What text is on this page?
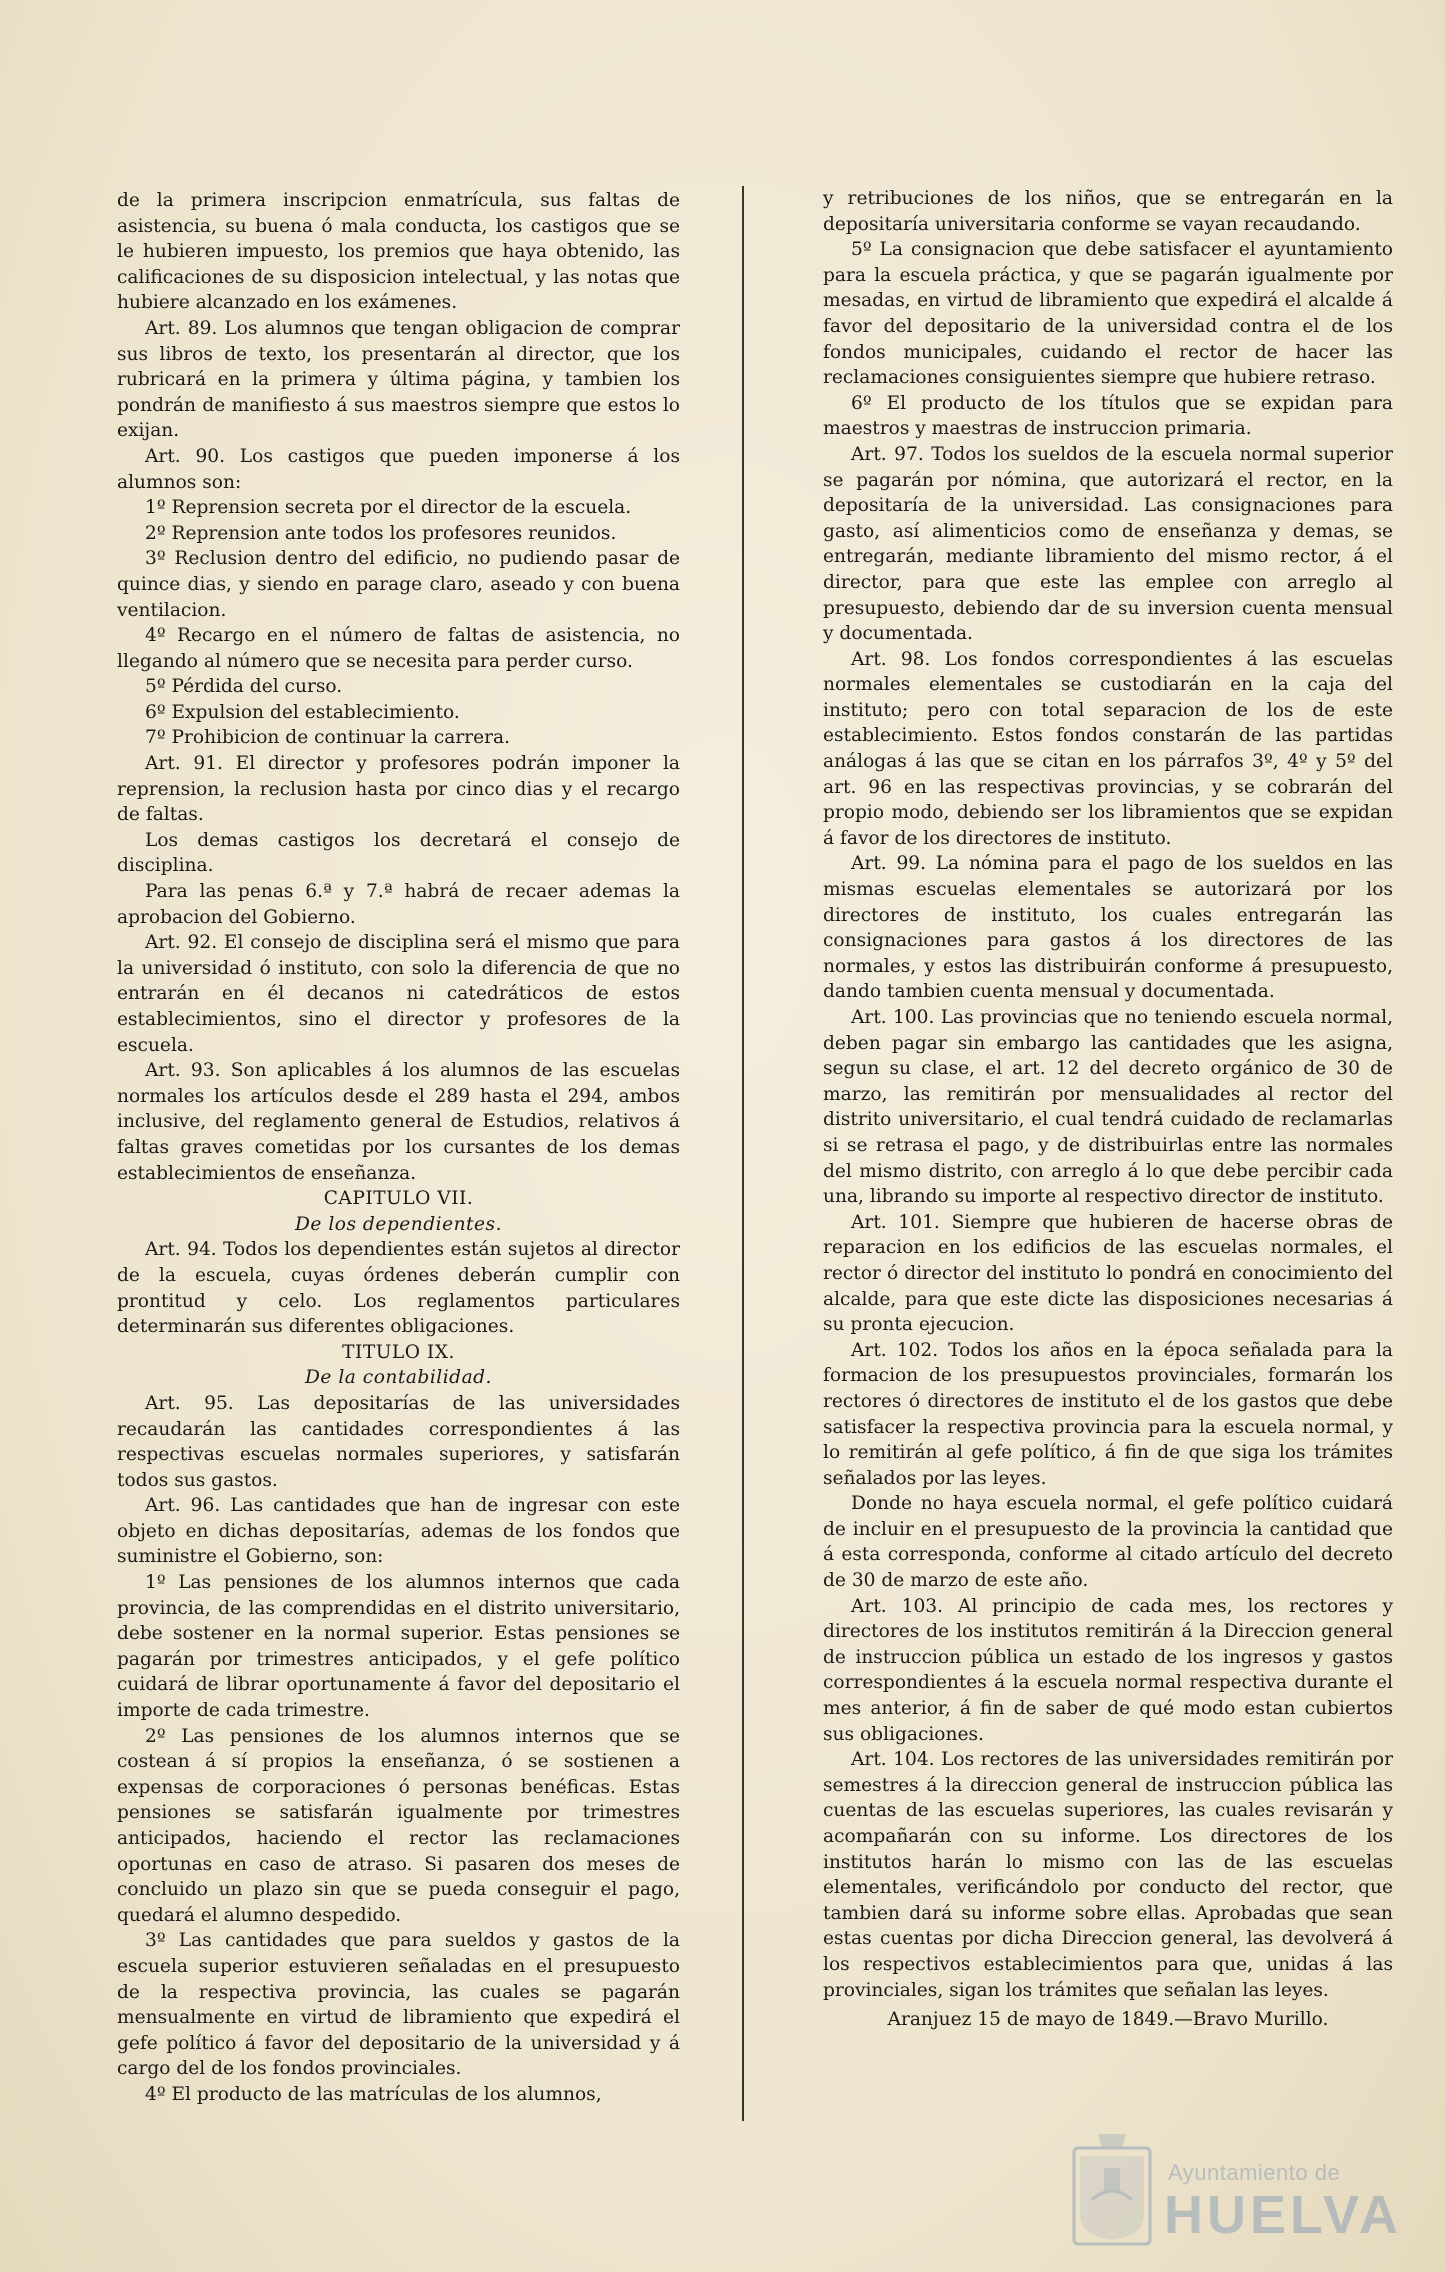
de la primera inscripcion enmatrícula, sus faltas de asistencia, su buena ó mala conducta, los castigos que se le hubieren impuesto, los premios que haya obtenido, las calificaciones de su disposicion intelectual, y las notas que hubiere alcanzado en los exámenes.

Art. 89. Los alumnos que tengan obligacion de comprar sus libros de texto, los presentarán al director, que los rubricará en la primera y última página, y tambien los pondrán de manifiesto á sus maestros siempre que estos lo exijan.

Art. 90. Los castigos que pueden imponerse á los alumnos son:

1º Reprension secreta por el director de la escuela.

2º Reprension ante todos los profesores reunidos.

3º Reclusion dentro del edificio, no pudiendo pasar de quince dias, y siendo en parage claro, aseado y con buena ventilacion.

4º Recargo en el número de faltas de asistencia, no llegando al número que se necesita para perder curso.

5º Pérdida del curso.

6º Expulsion del establecimiento.

7º Prohibicion de continuar la carrera.

Art. 91. El director y profesores podrán imponer la reprension, la reclusion hasta por cinco dias y el recargo de faltas.

Los demas castigos los decretará el consejo de disciplina.

Para las penas 6.ª y 7.ª habrá de recaer ademas la aprobacion del Gobierno.

Art. 92. El consejo de disciplina será el mismo que para la universidad ó instituto, con solo la diferencia de que no entrarán en él decanos ni catedráticos de estos establecimientos, sino el director y profesores de la escuela.

Art. 93. Son aplicables á los alumnos de las escuelas normales los artículos desde el 289 hasta el 294, ambos inclusive, del reglamento general de Estudios, relativos á faltas graves cometidas por los cursantes de los demas establecimientos de enseñanza.

CAPITULO VII.

De los dependientes.

Art. 94. Todos los dependientes están sujetos al director de la escuela, cuyas órdenes deberán cumplir con prontitud y celo. Los reglamentos particulares determinarán sus diferentes obligaciones.

TITULO IX.

De la contabilidad.

Art. 95. Las depositarías de las universidades recaudarán las cantidades correspondientes á las respectivas escuelas normales superiores, y satisfarán todos sus gastos.

Art. 96. Las cantidades que han de ingresar con este objeto en dichas depositarías, ademas de los fondos que suministre el Gobierno, son:

1º Las pensiones de los alumnos internos que cada provincia, de las comprendidas en el distrito universitario, debe sostener en la normal superior. Estas pensiones se pagarán por trimestres anticipados, y el gefe político cuidará de librar oportunamente á favor del depositario el importe de cada trimestre.

2º Las pensiones de los alumnos internos que se costean á sí propios la enseñanza, ó se sostienen a expensas de corporaciones ó personas benéficas. Estas pensiones se satisfarán igualmente por trimestres anticipados, haciendo el rector las reclamaciones oportunas en caso de atraso. Si pasaren dos meses de concluido un plazo sin que se pueda conseguir el pago, quedará el alumno despedido.

3º Las cantidades que para sueldos y gastos de la escuela superior estuvieren señaladas en el presupuesto de la respectiva provincia, las cuales se pagarán mensualmente en virtud de libramiento que expedirá el gefe político á favor del depositario de la universidad y á cargo del de los fondos provinciales.

4º El producto de las matrículas de los alumnos,

y retribuciones de los niños, que se entregarán en la depositaría universitaria conforme se vayan recaudando.

5º La consignacion que debe satisfacer el ayuntamiento para la escuela práctica, y que se pagarán igualmente por mesadas, en virtud de libramiento que expedirá el alcalde á favor del depositario de la universidad contra el de los fondos municipales, cuidando el rector de hacer las reclamaciones consiguientes siempre que hubiere retraso.

6º El producto de los títulos que se expidan para maestros y maestras de instruccion primaria.

Art. 97. Todos los sueldos de la escuela normal superior se pagarán por nómina, que autorizará el rector, en la depositaría de la universidad. Las consignaciones para gasto, así alimenticios como de enseñanza y demas, se entregarán, mediante libramiento del mismo rector, á el director, para que este las emplee con arreglo al presupuesto, debiendo dar de su inversion cuenta mensual y documentada.

Art. 98. Los fondos correspondientes á las escuelas normales elementales se custodiarán en la caja del instituto; pero con total separacion de los de este establecimiento. Estos fondos constarán de las partidas análogas á las que se citan en los párrafos 3º, 4º y 5º del art. 96 en las respectivas provincias, y se cobrarán del propio modo, debiendo ser los libramientos que se expidan á favor de los directores de instituto.

Art. 99. La nómina para el pago de los sueldos en las mismas escuelas elementales se autorizará por los directores de instituto, los cuales entregarán las consignaciones para gastos á los directores de las normales, y estos las distribuirán conforme á presupuesto, dando tambien cuenta mensual y documentada.

Art. 100. Las provincias que no teniendo escuela normal, deben pagar sin embargo las cantidades que les asigna, segun su clase, el art. 12 del decreto orgánico de 30 de marzo, las remitirán por mensualidades al rector del distrito universitario, el cual tendrá cuidado de reclamarlas si se retrasa el pago, y de distribuirlas entre las normales del mismo distrito, con arreglo á lo que debe percibir cada una, librando su importe al respectivo director de instituto.

Art. 101. Siempre que hubieren de hacerse obras de reparacion en los edificios de las escuelas normales, el rector ó director del instituto lo pondrá en conocimiento del alcalde, para que este dicte las disposiciones necesarias á su pronta ejecucion.

Art. 102. Todos los años en la época señalada para la formacion de los presupuestos provinciales, formarán los rectores ó directores de instituto el de los gastos que debe satisfacer la respectiva provincia para la escuela normal, y lo remitirán al gefe político, á fin de que siga los trámites señalados por las leyes.

Donde no haya escuela normal, el gefe político cuidará de incluir en el presupuesto de la provincia la cantidad que á esta corresponda, conforme al citado artículo del decreto de 30 de marzo de este año.

Art. 103. Al principio de cada mes, los rectores y directores de los institutos remitirán á la Direccion general de instruccion pública un estado de los ingresos y gastos correspondientes á la escuela normal respectiva durante el mes anterior, á fin de saber de qué modo estan cubiertos sus obligaciones.

Art. 104. Los rectores de las universidades remitirán por semestres á la direccion general de instruccion pública las cuentas de las escuelas superiores, las cuales revisarán y acompañarán con su informe. Los directores de los institutos harán lo mismo con las de las escuelas elementales, verificándolo por conducto del rector, que tambien dará su informe sobre ellas. Aprobadas que sean estas cuentas por dicha Direccion general, las devolverá á los respectivos establecimientos para que, unidas á las provinciales, sigan los trámites que señalan las leyes.

Aranjuez 15 de mayo de 1849.—Bravo Murillo.

Ayuntamiento de
HUELVA
